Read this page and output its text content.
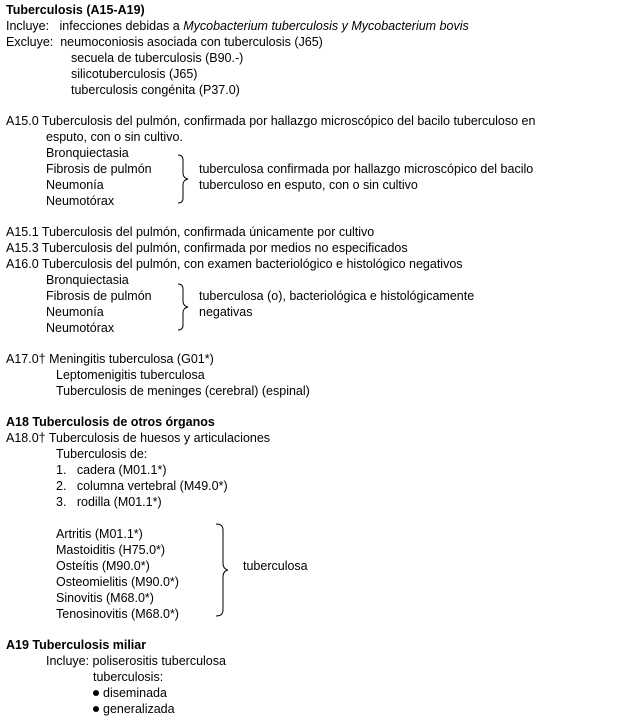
Tuberculosis (A15-A19)
Incluye: infecciones debidas a Mycobacterium tuberculosis y Mycobacterium bovis
Excluye: neumoconiosis asociada con tuberculosis (J65)
secuela de tuberculosis (B90.-)
silicotuberculosis (J65)
tuberculosis congénita (P37.0)
A15.0 Tuberculosis del pulmón, confirmada por hallazgo microscópico del bacilo tuberculoso en
esputo, con o sin cultivo.
Bronquiectasia
Fibrosis de pulmón
Neumonía
Neumotórax
tuberculosa confirmada por hallazgo microscópico del bacilo
tuberculoso en esputo, con o sin cultivo
A15.1 Tuberculosis del pulmón, confirmada únicamente por cultivo
A15.3 Tuberculosis del pulmón, confirmada por medios no especificados
A16.0 Tuberculosis del pulmón, con examen bacteriológico e histológico negativos
Bronquiectasia
Fibrosis de pulmón
Neumonía
Neumotórax
tuberculosa (o), bacteriológica e histológicamente
negativas
A17.0† Meningitis tuberculosa (G01*)
Leptomenigitis tuberculosa
Tuberculosis de meninges (cerebral) (espinal)
A18 Tuberculosis de otros órganos
A18.0† Tuberculosis de huesos y articulaciones
Tuberculosis de:
1. cadera (M01.1*)
2. columna vertebral (M49.0*)
3. rodilla (M01.1*)
Artritis (M01.1*)
Mastoiditis (H75.0*)
Osteítis (M90.0*)
Osteomielitis (M90.0*)
Sinovitis (M68.0*)
Tenosinovitis (M68.0*)
tuberculosa
A19 Tuberculosis miliar
Incluye: poliserositis tuberculosa
tuberculosis:
diseminada
generalizada
